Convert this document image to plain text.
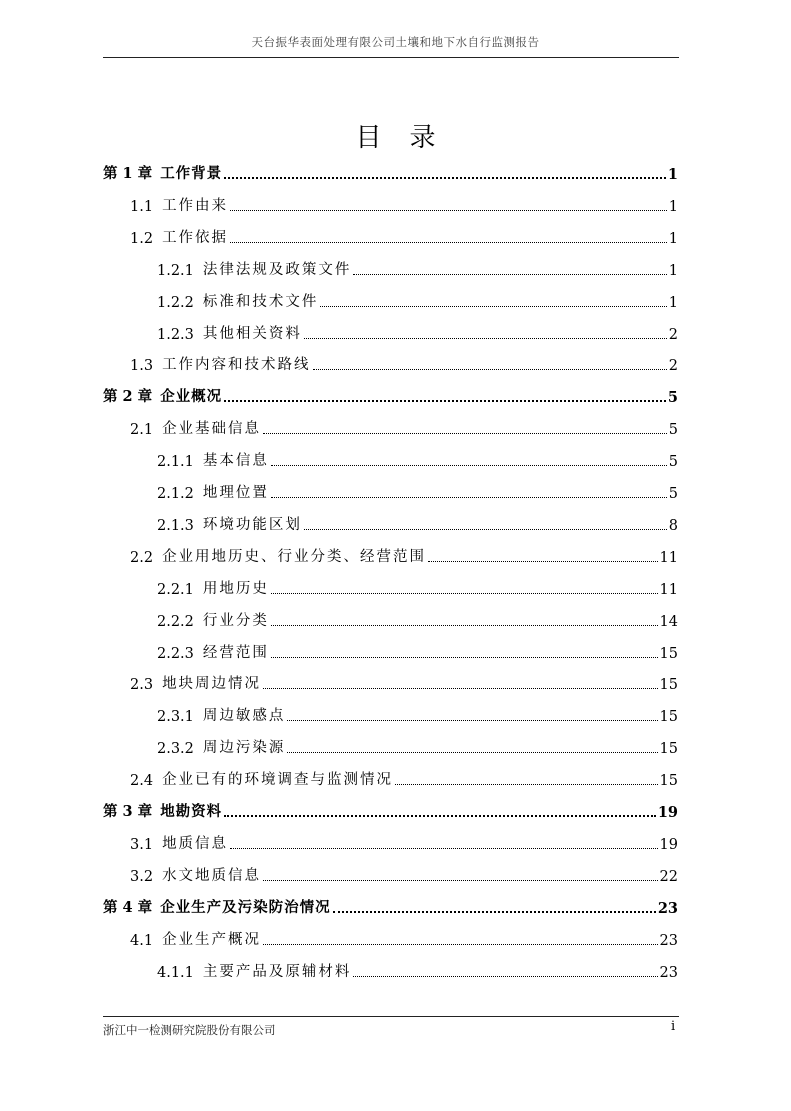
天台振华表面处理有限公司土壤和地下水自行监测报告
目录
第 1 章 工作背景	1
1.1 工作由来	1
1.2 工作依据	1
1.2.1 法律法规及政策文件	1
1.2.2 标准和技术文件	1
1.2.3 其他相关资料	2
1.3 工作内容和技术路线	2
第 2 章 企业概况	5
2.1 企业基础信息	5
2.1.1 基本信息	5
2.1.2 地理位置	5
2.1.3 环境功能区划	8
2.2 企业用地历史、行业分类、经营范围	11
2.2.1 用地历史	11
2.2.2 行业分类	14
2.2.3 经营范围	15
2.3 地块周边情况	15
2.3.1 周边敏感点	15
2.3.2 周边污染源	15
2.4 企业已有的环境调查与监测情况	15
第 3 章 地勘资料	19
3.1 地质信息	19
3.2 水文地质信息	22
第 4 章 企业生产及污染防治情况	23
4.1 企业生产概况	23
4.1.1 主要产品及原辅材料	23
浙江中一检测研究院股份有限公司	i
